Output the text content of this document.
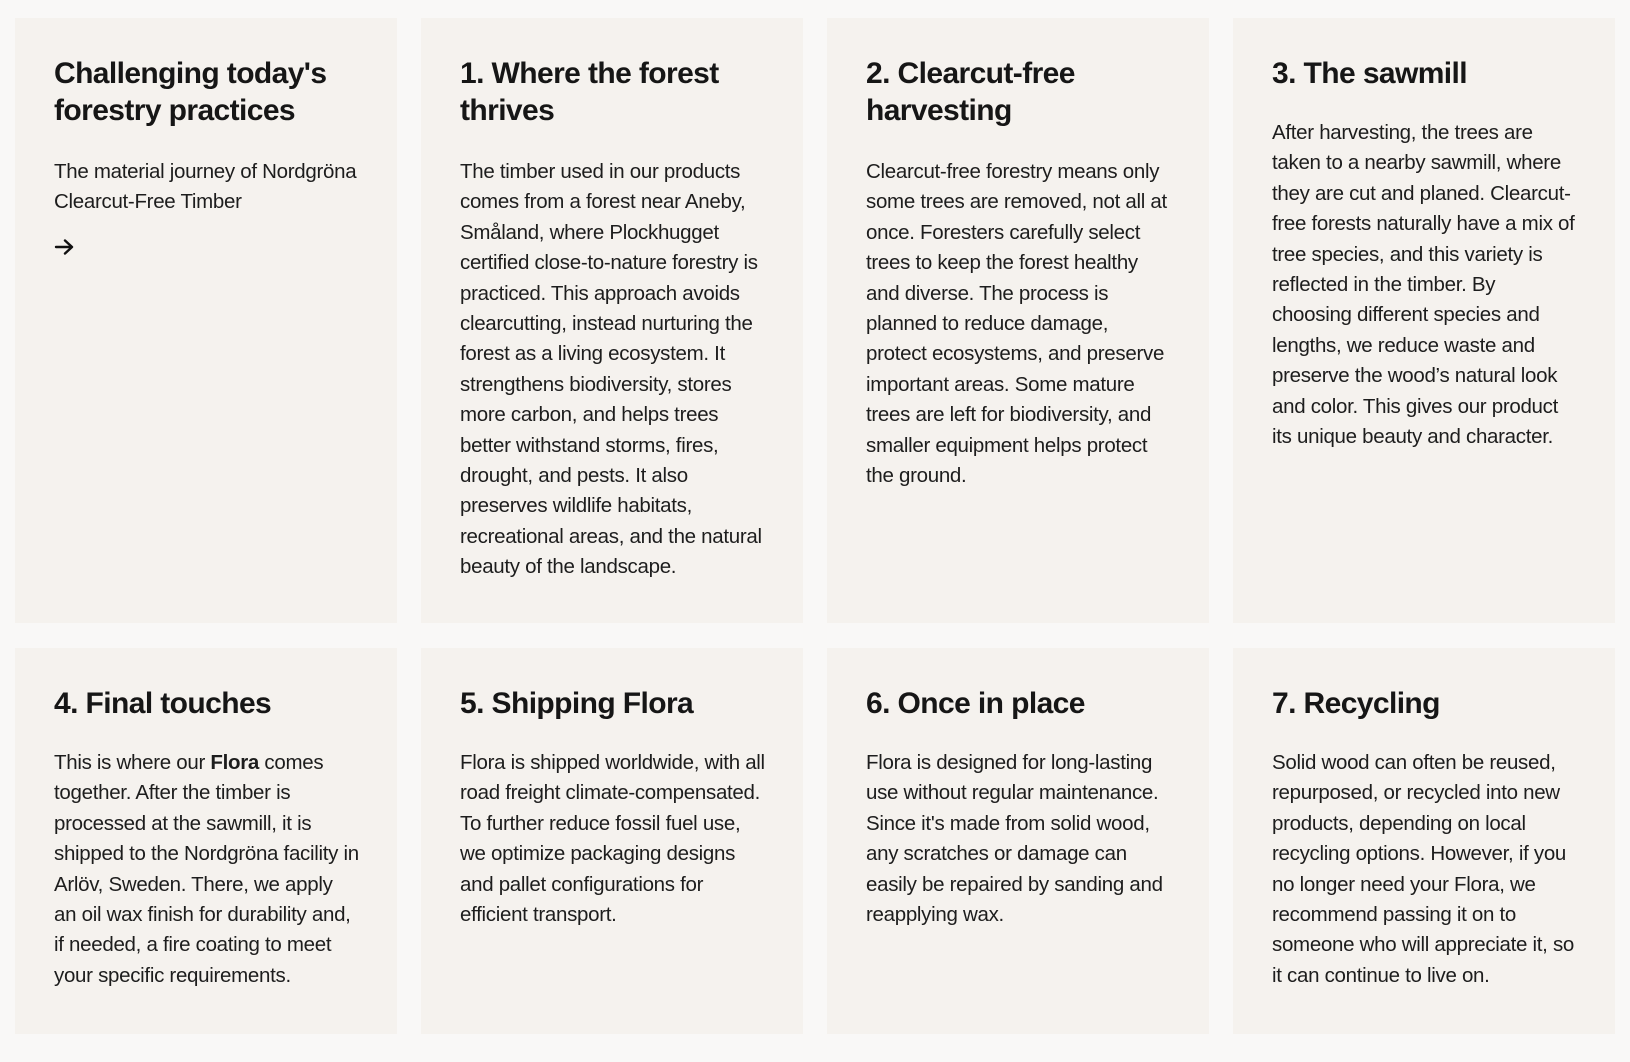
Challenging today's forestry practices

The material journey of Nordgröna Clearcut-Free Timber

1. Where the forest thrives

The timber used in our products comes from a forest near Aneby, Småland, where Plockhugget certified close-to-nature forestry is practiced. This approach avoids clearcutting, instead nurturing the forest as a living ecosystem. It strengthens biodiversity, stores more carbon, and helps trees better withstand storms, fires, drought, and pests. It also preserves wildlife habitats, recreational areas, and the natural beauty of the landscape.

2. Clearcut-free harvesting

Clearcut-free forestry means only some trees are removed, not all at once. Foresters carefully select trees to keep the forest healthy and diverse. The process is planned to reduce damage, protect ecosystems, and preserve important areas. Some mature trees are left for biodiversity, and smaller equipment helps protect the ground.

3. The sawmill

After harvesting, the trees are taken to a nearby sawmill, where they are cut and planed. Clearcut-free forests naturally have a mix of tree species, and this variety is reflected in the timber. By choosing different species and lengths, we reduce waste and preserve the wood’s natural look and color. This gives our product its unique beauty and character.

4. Final touches

This is where our Flora comes together. After the timber is processed at the sawmill, it is shipped to the Nordgröna facility in Arlöv, Sweden. There, we apply an oil wax finish for durability and, if needed, a fire coating to meet your specific requirements.

5. Shipping Flora

Flora is shipped worldwide, with all road freight climate-compensated. To further reduce fossil fuel use, we optimize packaging designs and pallet configurations for efficient transport.

6. Once in place

Flora is designed for long-lasting use without regular maintenance. Since it's made from solid wood, any scratches or damage can easily be repaired by sanding and reapplying wax.

7. Recycling

Solid wood can often be reused, repurposed, or recycled into new products, depending on local recycling options. However, if you no longer need your Flora, we recommend passing it on to someone who will appreciate it, so it can continue to live on.
